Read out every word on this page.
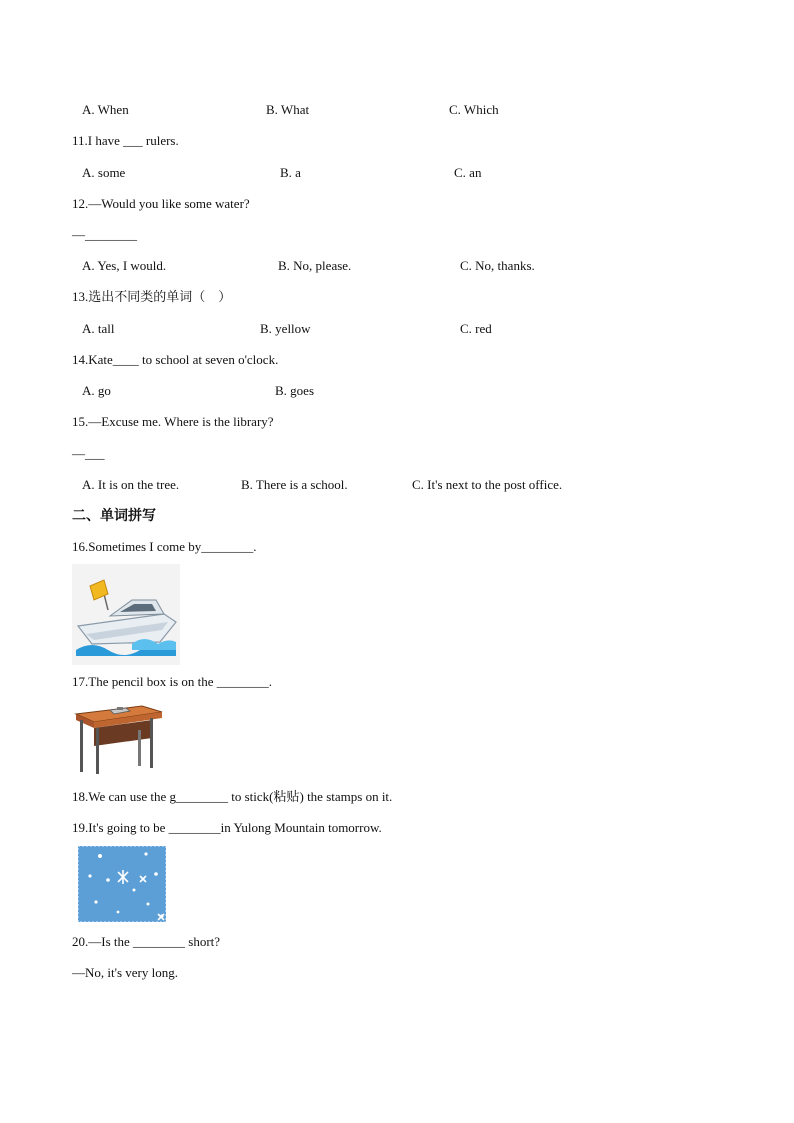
A. When	B. What	C. Which
11.I have ___ rulers.
A. some	B. a	C. an
12.—Would you like some water?
—________
A. Yes, I would.	B. No, please.	C. No, thanks.
13.选出不同类的单词（　）
A. tall	B. yellow	C. red
14.Kate____ to school at seven o'clock.
A. go	B. goes
15.—Excuse me. Where is the library?
—___
A. It is on the tree.	B. There is a school.	C. It's next to the post office.
二、单词拼写
16.Sometimes I come by________.
17.The pencil box is on the ________.
18.We can use the g________ to stick(粘贴) the stamps on it.
19.It's going to be ________in Yulong Mountain tomorrow.
20.—Is the ________ short?
—No, it's very long.
